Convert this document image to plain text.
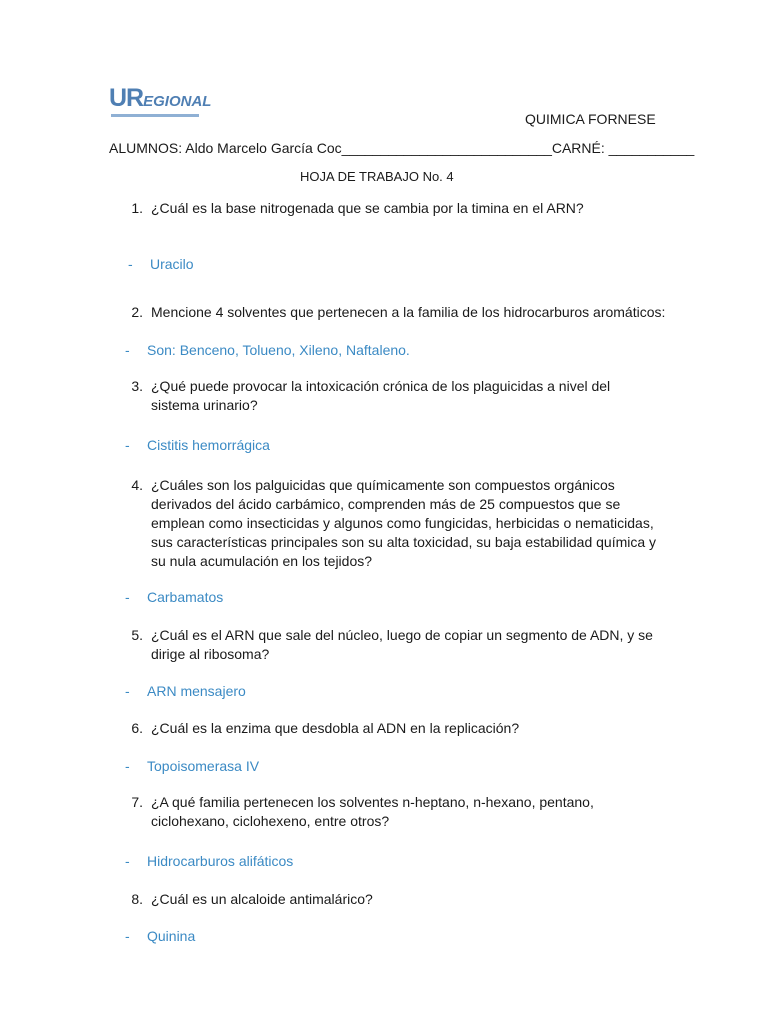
UREGIONAL
QUIMICA FORNESE
ALUMNOS: Aldo Marcelo García Coc___________________________CARNÉ: ___________
HOJA DE TRABAJO No. 4
1. ¿Cuál es la base nitrogenada que se cambia por la timina en el ARN?
- Uracilo
2. Mencione 4 solventes que pertenecen a la familia de los hidrocarburos aromáticos:
- Son: Benceno, Tolueno, Xileno, Naftaleno.
3. ¿Qué puede provocar la intoxicación crónica de los plaguicidas a nivel del sistema urinario?
- Cistitis hemorrágica
4. ¿Cuáles son los palguicidas que químicamente son compuestos orgánicos derivados del ácido carbámico, comprenden más de 25 compuestos que se emplean como insecticidas y algunos como fungicidas, herbicidas o nematicidas, sus características principales son su alta toxicidad, su baja estabilidad química y su nula acumulación en los tejidos?
- Carbamatos
5. ¿Cuál es el ARN que sale del núcleo, luego de copiar un segmento de ADN, y se dirige al ribosoma?
- ARN mensajero
6. ¿Cuál es la enzima que desdobla al ADN en la replicación?
- Topoisomerasa IV
7. ¿A qué familia pertenecen los solventes n-heptano, n-hexano, pentano, ciclohexano, ciclohexeno, entre otros?
- Hidrocarburos alifáticos
8. ¿Cuál es un alcaloide antimalárico?
- Quinina
